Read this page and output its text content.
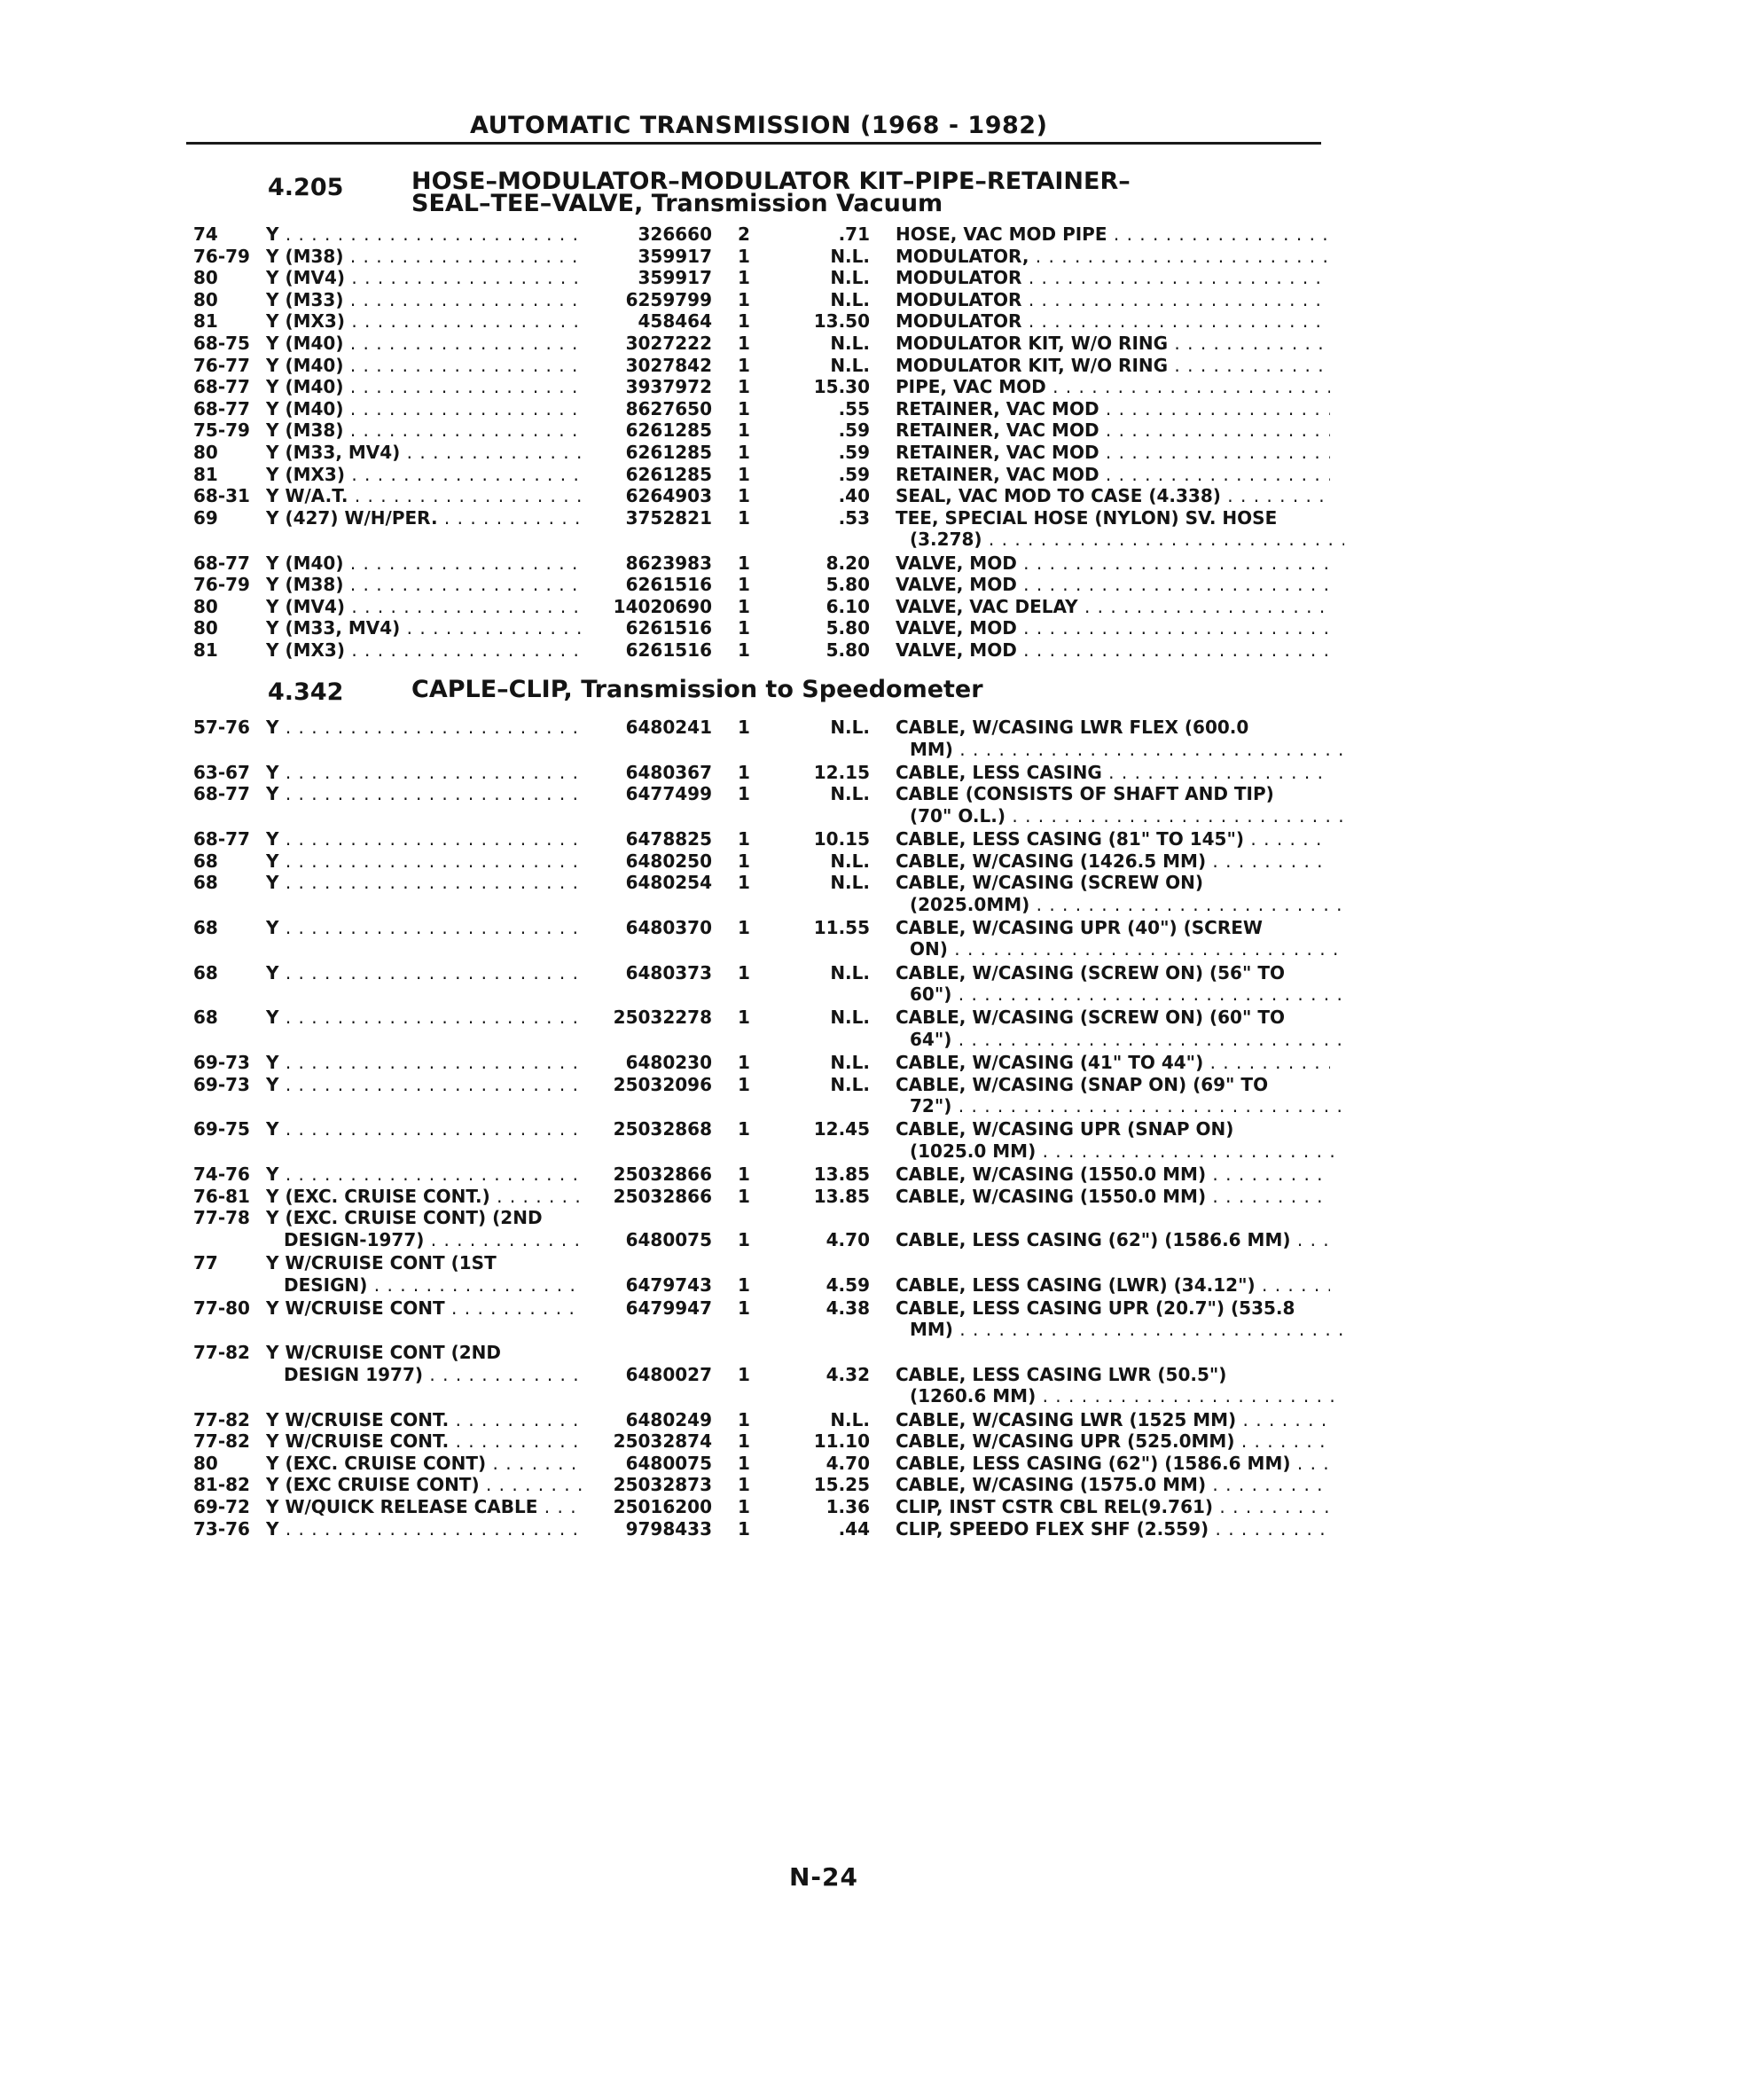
AUTOMATIC TRANSMISSION (1968 - 1982)
4.205	HOSE–MODULATOR–MODULATOR KIT–PIPE–RETAINER–
SEAL–TEE–VALVE, Transmission Vacuum
4.342	CAPLE–CLIP, Transmission to Speedometer
74	Y . . .	326660 2	.71 HOSE, VAC MOD PIPE . . .
76-79 Y (M38) . . .	359917 1	N.L. MODULATOR, . . .
80	Y (MV4) . . .	359917 1	N.L. MODULATOR . . .
80	Y (M33) . . .	6259799 1	N.L. MODULATOR . . .
81	Y (MX3) . . .	458464 1	13.50 MODULATOR . . .
68-75 Y (M40) . . .	3027222 1	N.L. MODULATOR KIT, W/O RING . . .
76-77 Y (M40) . . .	3027842 1	N.L. MODULATOR KIT, W/O RING . . .
68-77 Y (M40) . . .	3937972 1	15.30 PIPE, VAC MOD . . .
68-77 Y (M40) . . .	8627650 1	.55 RETAINER, VAC MOD . . .
75-79 Y (M38) . . .	6261285 1	.59 RETAINER, VAC MOD . . .
80	Y (M33, MV4) . . .	6261285 1	.59 RETAINER, VAC MOD . . .
81	Y (MX3) . . .	6261285 1	.59 RETAINER, VAC MOD . . .
68-31 Y W/A.T. . . .	6264903 1	.40 SEAL, VAC MOD TO CASE (4.338) . . .
69	Y (427) W/H/PER. . . .	3752821 1	.53 TEE, SPECIAL HOSE (NYLON) SV. HOSE
(3.278) . . .
68-77 Y (M40) . . .	8623983 1	8.20 VALVE, MOD . . .
76-79 Y (M38) . . .	6261516 1	5.80 VALVE, MOD . . .
80	Y (MV4) . . .	14020690 1	6.10 VALVE, VAC DELAY . . .
80	Y (M33, MV4) . . .	6261516 1	5.80 VALVE, MOD . . .
81	Y (MX3) . . .	6261516 1	5.80 VALVE, MOD . . .
57-76 Y . . .	6480241 1	N.L. CABLE, W/CASING LWR FLEX (600.0
MM) . . .
63-67 Y . . .	6480367 1	12.15 CABLE, LESS CASING . . .
68-77 Y . . .	6477499 1	N.L. CABLE (CONSISTS OF SHAFT AND TIP)
(70" O.L.) . . .
68-77 Y . . .	6478825 1	10.15 CABLE, LESS CASING (81" TO 145") . . .
68	Y . . .	6480250 1	N.L. CABLE, W/CASING (1426.5 MM) . . .
68	Y . . .	6480254 1	N.L. CABLE, W/CASING (SCREW ON)
(2025.0MM) . . .
68	Y . . .	6480370 1	11.55 CABLE, W/CASING UPR (40") (SCREW
ON) . . .
68	Y . . .	6480373 1	N.L. CABLE, W/CASING (SCREW ON) (56" TO
60") . . .
68	Y . . .	25032278 1	N.L. CABLE, W/CASING (SCREW ON) (60" TO
64") . . .
69-73 Y . . .	6480230 1	N.L. CABLE, W/CASING (41" TO 44") . . .
69-73 Y . . .	25032096 1	N.L. CABLE, W/CASING (SNAP ON) (69" TO
72") . . .
69-75 Y . . .	25032868 1	12.45 CABLE, W/CASING UPR (SNAP ON)
(1025.0 MM) . . .
74-76 Y . . .	25032866 1	13.85 CABLE, W/CASING (1550.0 MM) . . .
76-81 Y (EXC. CRUISE CONT.) . . .	25032866 1	13.85 CABLE, W/CASING (1550.0 MM) . . .
77-78 Y (EXC. CRUISE CONT) (2ND
DESIGN-1977) . . .	6480075 1	4.70 CABLE, LESS CASING (62") (1586.6 MM) . . .
77	Y W/CRUISE CONT (1ST
DESIGN) . . .	6479743 1	4.59 CABLE, LESS CASING (LWR) (34.12") . . .
77-80 Y W/CRUISE CONT . . .	6479947 1	4.38 CABLE, LESS CASING UPR (20.7") (535.8
MM) . . .
77-82 Y W/CRUISE CONT (2ND
DESIGN 1977) . . .	6480027 1	4.32 CABLE, LESS CASING LWR (50.5")
(1260.6 MM) . . .
77-82 Y W/CRUISE CONT. . . .	6480249 1	N.L. CABLE, W/CASING LWR (1525 MM) . . .
77-82 Y W/CRUISE CONT. . . .	25032874 1	11.10 CABLE, W/CASING UPR (525.0MM) . . .
80	Y (EXC. CRUISE CONT) . . .	6480075 1	4.70 CABLE, LESS CASING (62") (1586.6 MM) . . .
81-82 Y (EXC CRUISE CONT) . . .	25032873 1	15.25 CABLE, W/CASING (1575.0 MM) . . .
69-72 Y W/QUICK RELEASE CABLE . . .	25016200 1	1.36 CLIP, INST CSTR CBL REL(9.761) . . .
73-76 Y . . .	9798433 1	.44 CLIP, SPEEDO FLEX SHF (2.559) . . .
N-24
